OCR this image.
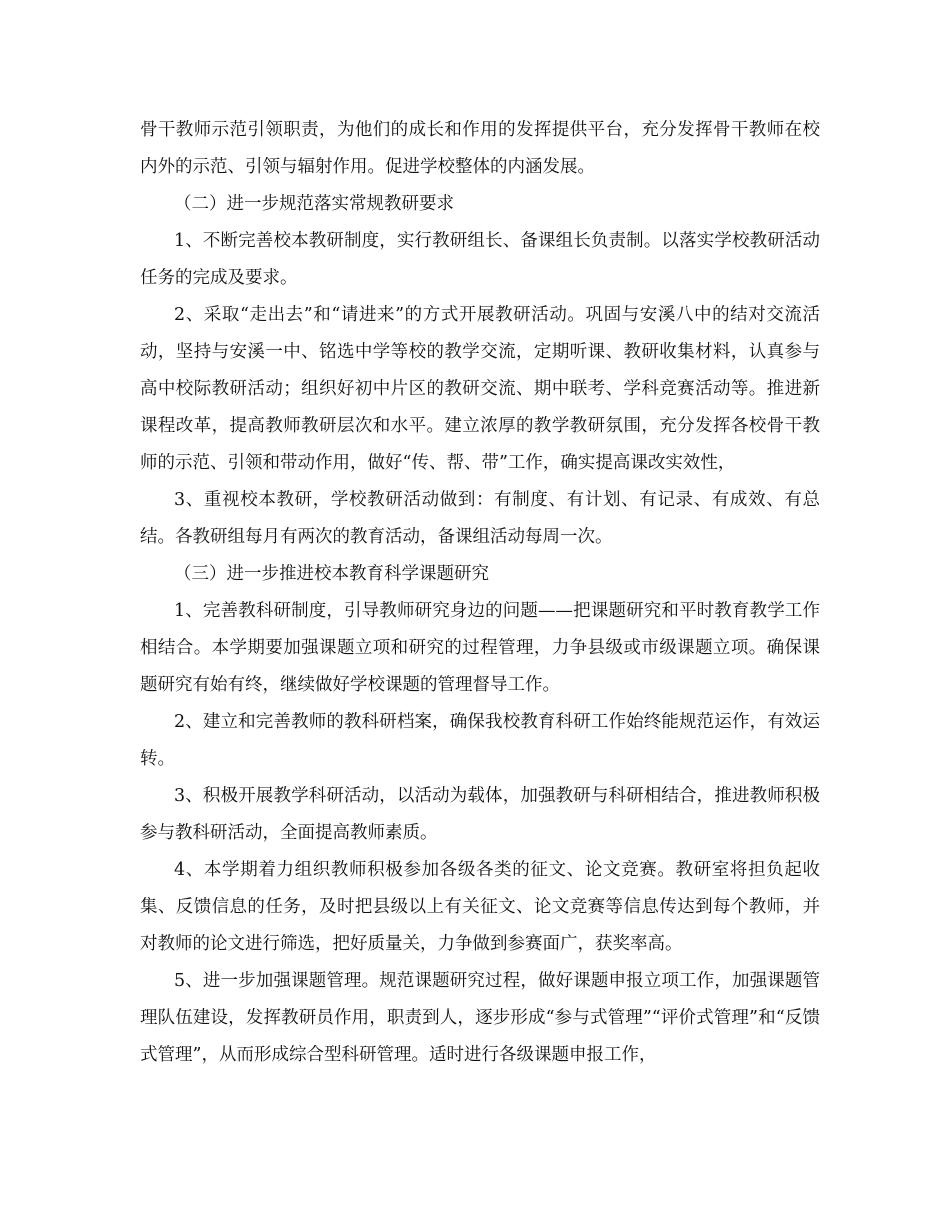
骨干教师示范引领职责，为他们的成长和作用的发挥提供平台，充分发挥骨干教师在校内外的示范、引领与辐射作用。促进学校整体的内涵发展。

（二）进一步规范落实常规教研要求

1、不断完善校本教研制度，实行教研组长、备课组长负责制。以落实学校教研活动任务的完成及要求。

2、采取“走出去”和“请进来”的方式开展教研活动。巩固与安溪八中的结对交流活动，坚持与安溪一中、铭选中学等校的教学交流，定期听课、教研收集材料，认真参与高中校际教研活动；组织好初中片区的教研交流、期中联考、学科竞赛活动等。推进新课程改革，提高教师教研层次和水平。建立浓厚的教学教研氛围，充分发挥各校骨干教师的示范、引领和带动作用，做好“传、帮、带”工作，确实提高课改实效性，

3、重视校本教研，学校教研活动做到：有制度、有计划、有记录、有成效、有总结。各教研组每月有两次的教育活动，备课组活动每周一次。

（三）进一步推进校本教育科学课题研究

1、完善教科研制度，引导教师研究身边的问题——把课题研究和平时教育教学工作相结合。本学期要加强课题立项和研究的过程管理，力争县级或市级课题立项。确保课题研究有始有终，继续做好学校课题的管理督导工作。

2、建立和完善教师的教科研档案，确保我校教育科研工作始终能规范运作，有效运转。

3、积极开展教学科研活动，以活动为载体，加强教研与科研相结合，推进教师积极参与教科研活动，全面提高教师素质。

4、本学期着力组织教师积极参加各级各类的征文、论文竞赛。教研室将担负起收集、反馈信息的任务，及时把县级以上有关征文、论文竞赛等信息传达到每个教师，并对教师的论文进行筛选，把好质量关，力争做到参赛面广，获奖率高。

5、进一步加强课题管理。规范课题研究过程，做好课题申报立项工作，加强课题管理队伍建设，发挥教研员作用，职责到人，逐步形成“参与式管理”“评价式管理”和“反馈式管理”，从而形成综合型科研管理。适时进行各级课题申报工作，
